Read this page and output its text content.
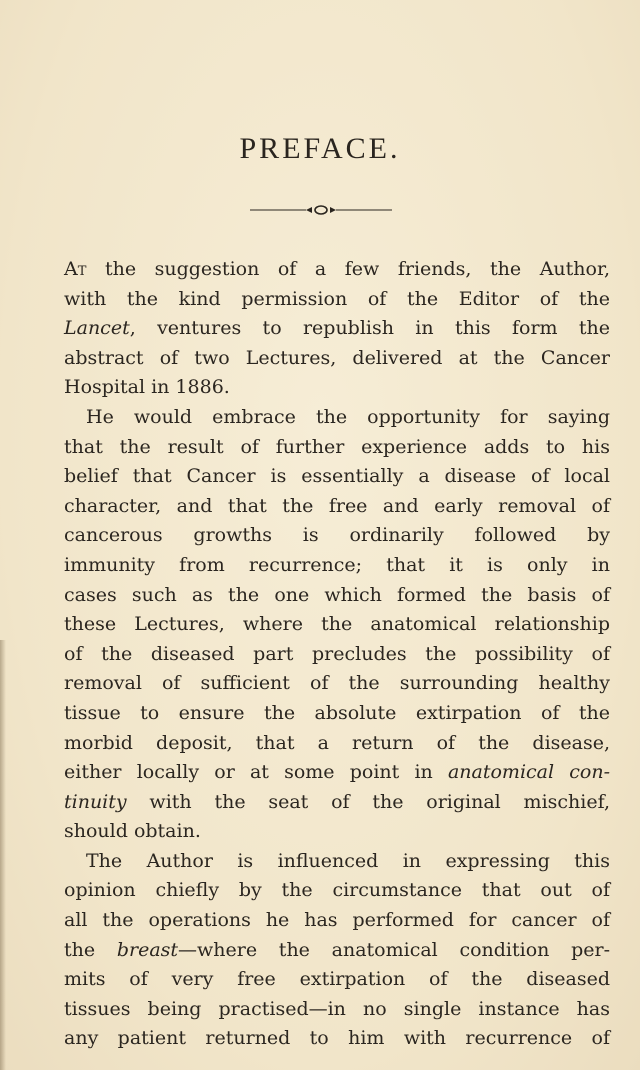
PREFACE.
At the suggestion of a few friends, the Author,
with the kind permission of the Editor of the
Lancet, ventures to republish in this form the
abstract of two Lectures, delivered at the Cancer
Hospital in 1886.
He would embrace the opportunity for saying
that the result of further experience adds to his
belief that Cancer is essentially a disease of local
character, and that the free and early removal of
cancerous growths is ordinarily followed by
immunity from recurrence; that it is only in
cases such as the one which formed the basis of
these Lectures, where the anatomical relationship
of the diseased part precludes the possibility of
removal of sufficient of the surrounding healthy
tissue to ensure the absolute extirpation of the
morbid deposit, that a return of the disease,
either locally or at some point in anatomical con-
tinuity with the seat of the original mischief,
should obtain.
The Author is influenced in expressing this
opinion chiefly by the circumstance that out of
all the operations he has performed for cancer of
the breast—where the anatomical condition per-
mits of very free extirpation of the diseased
tissues being practised—in no single instance has
any patient returned to him with recurrence of
